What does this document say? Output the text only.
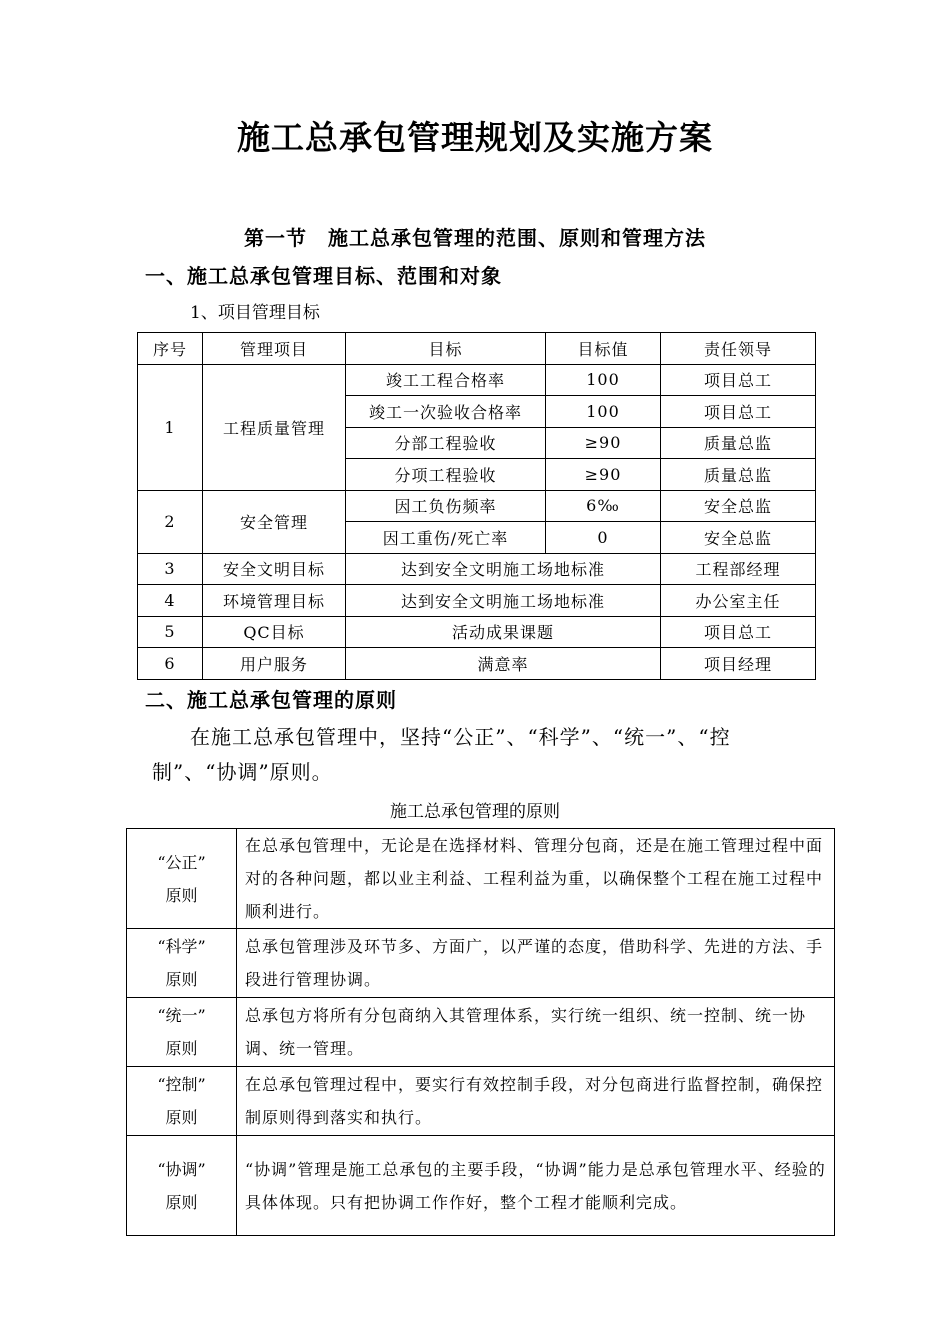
施工总承包管理规划及实施方案
第一节　施工总承包管理的范围、原则和管理方法
一、施工总承包管理目标、范围和对象
1、项目管理目标
序号	管理项目	目标	目标值	责任领导
1	工程质量管理	竣工工程合格率	100	项目总工
		竣工一次验收合格率	100	项目总工
		分部工程验收	≥90	质量总监
		分项工程验收	≥90	质量总监
2	安全管理	因工负伤频率	6‰	安全总监
		因工重伤/死亡率	0	安全总监
3	安全文明目标	达到安全文明施工场地标准		工程部经理
4	环境管理目标	达到安全文明施工场地标准		办公室主任
5	QC目标	活动成果课题		项目总工
6	用户服务	满意率		项目经理
二、施工总承包管理的原则
在施工总承包管理中，坚持“公正”、“科学”、“统一”、“控制”、“协调”原则。
施工总承包管理的原则
“公正”
原则	在总承包管理中，无论是在选择材料、管理分包商，还是在施工管理过程中面对的各种问题，都以业主利益、工程利益为重，以确保整个工程在施工过程中顺利进行。

“科学”
原则	总承包管理涉及环节多、方面广，以严谨的态度，借助科学、先进的方法、手段进行管理协调。

“统一”
原则	总承包方将所有分包商纳入其管理体系，实行统一组织、统一控制、统一协调、统一管理。

“控制”
原则	在总承包管理过程中，要实行有效控制手段，对分包商进行监督控制，确保控制原则得到落实和执行。

“协调”
原则	“协调”管理是施工总承包的主要手段，“协调”能力是总承包管理水平、经验的具体体现。只有把协调工作作好，整个工程才能顺利完成。
